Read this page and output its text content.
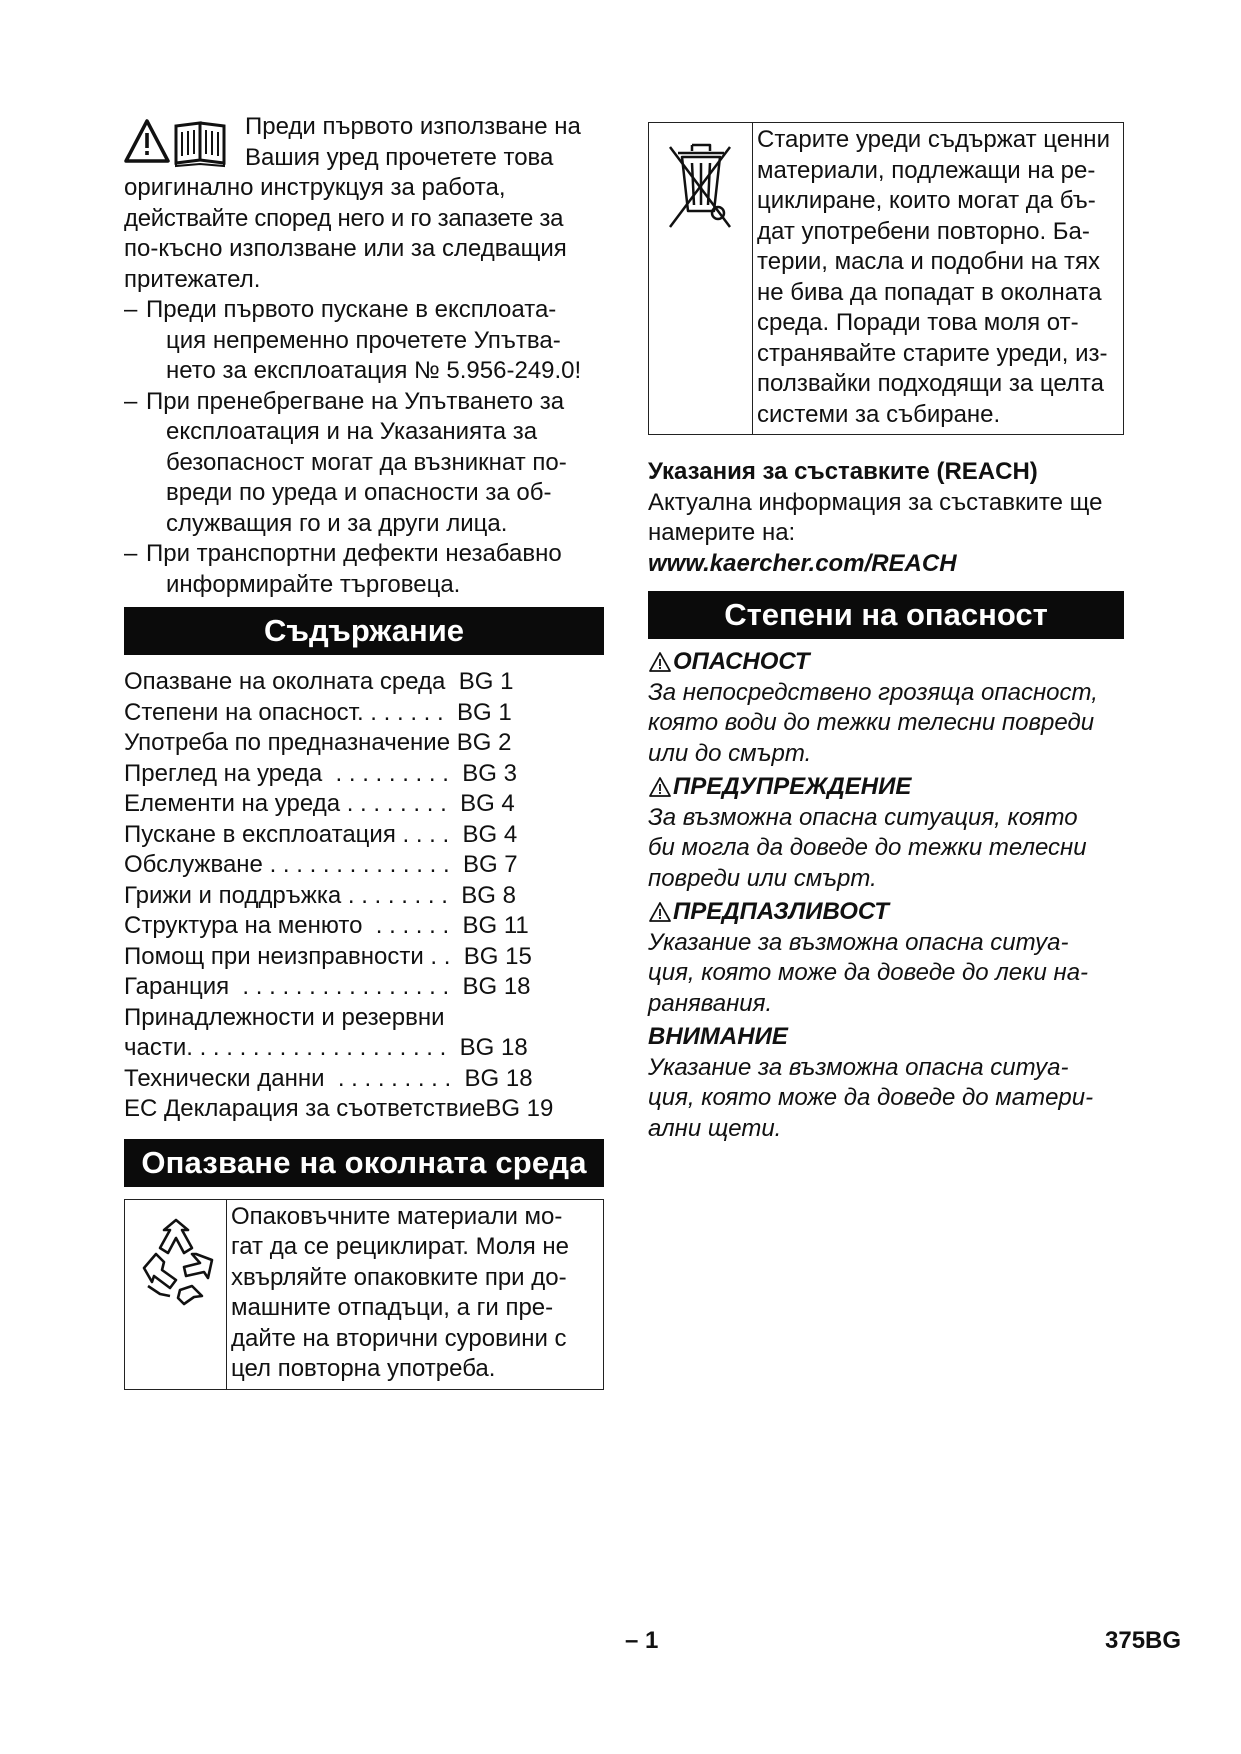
Преди първото използване на

Вашия уред прочетете това

оригинално инструкцуя за работа,

действайте според него и го запазете за

по-късно използване или за следващия

притежател.

– Преди първото пускане в експлоата-
ция непременно прочетете Упътва-
нето за експлоатация № 5.956-249.0!
– При пренебрегване на Упътването за
експлоатация и на Указанията за
безопасност могат да възникнат по-
вреди по уреда и опасности за об-
служващия го и за други лица.
– При транспортни дефекти незабавно
информирайте търговеца.
Съдържание
Опазване на околната среда  BG 1
Степени на опасност. . . . . . .  BG 1
Употреба по предназначение BG 2
Преглед на уреда  . . . . . . . . .  BG 3
Елементи на уреда . . . . . . . .  BG 4
Пускане в експлоатация . . . .  BG 4
Обслужване . . . . . . . . . . . . . .  BG 7
Грижи и поддръжка . . . . . . . .  BG 8
Структура на менюто  . . . . . .  BG 11
Помощ при неизправности . .  BG 15
Гаранция  . . . . . . . . . . . . . . . .  BG 18
Принадлежности и резервни
части. . . . . . . . . . . . . . . . . . . .  BG 18
Технически данни  . . . . . . . . .  BG 18
ЕС Декларация за съответствиеBG 19
Опазване на околната среда
Опаковъчните материали мо-
гат да се рециклират. Моля не
хвърляйте опаковките при до-
машните отпадъци, а ги пре-
дайте на вторични суровини с
цел повторна употреба.
Старите уреди съдържат ценни
материали, подлежащи на ре-
циклиране, които могат да бъ-
дат употребени повторно. Ба-
терии, масла и подобни на тях
не бива да попадат в околната
среда. Поради това моля от-
странявайте старите уреди, из-
ползвайки подходящи за целта
системи за събиране.

Указания за съставките (REACH)

Актуална информация за съставките ще

намерите на:

www.kaercher.com/REACH

Степени на опасност

ОПАСНОСТ

За непосредствено грозяща опасност,
която води до тежки телесни повреди
или до смърт.

ПРЕДУПРЕЖДЕНИЕ

За възможна опасна ситуация, която
би могла да доведе до тежки телесни
повреди или смърт.

ПРЕДПАЗЛИВОСТ

Указание за възможна опасна ситуа-
ция, която може да доведе до леки на-
ранявания.

ВНИМАНИЕ

Указание за възможна опасна ситуа-
ция, която може да доведе до матери-
ални щети.

– 1	375BG
